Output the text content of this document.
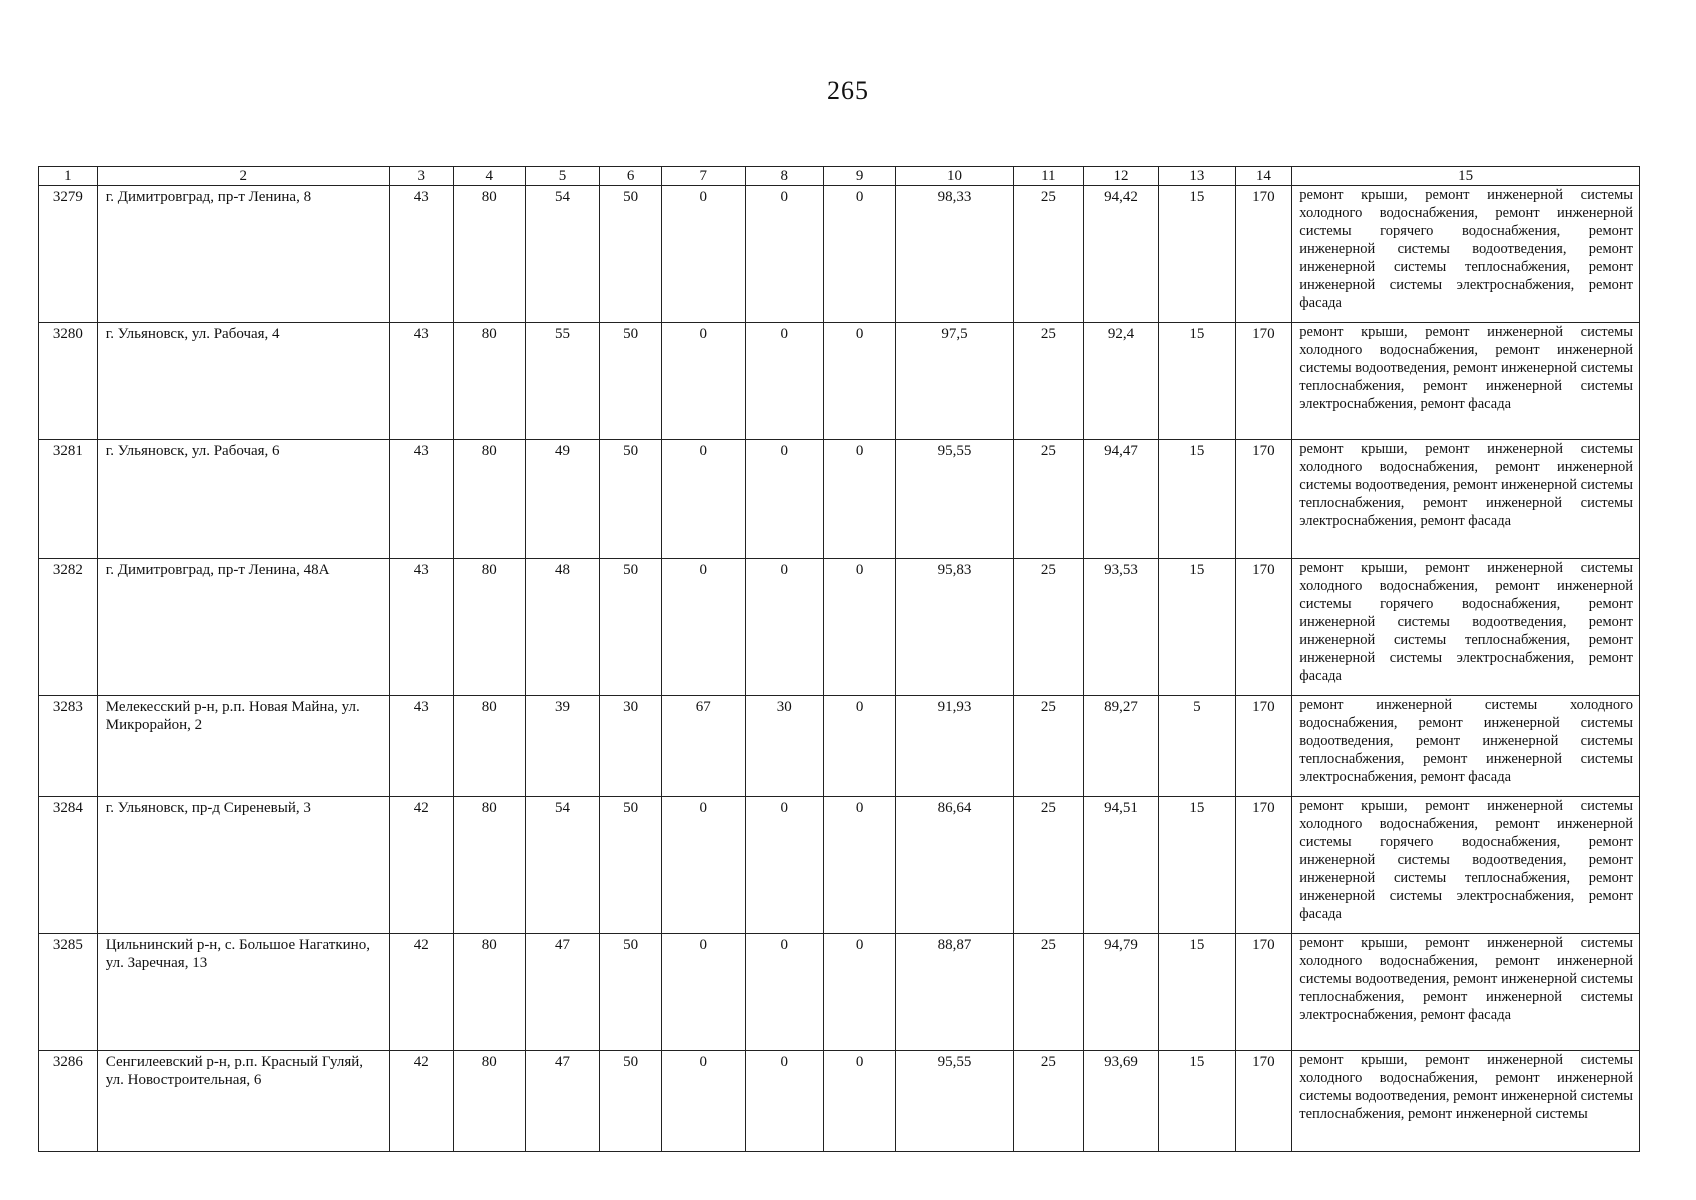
265
1	2	3	4	5	6	7	8	9	10	11	12	13	14	15
3279	г. Димитровград, пр-т Ленина, 8	43	80	54	50	0	0	0	98,33	25	94,42	15	170	ремонт крыши, ремонт инженерной системы холодного водоснабжения, ремонт инженерной системы горячего водоснабжения, ремонт инженерной системы водоотведения, ремонт инженерной системы теплоснабжения, ремонт инженерной системы электроснабжения, ремонт фасада
3280	г. Ульяновск, ул. Рабочая, 4	43	80	55	50	0	0	0	97,5	25	92,4	15	170	ремонт крыши, ремонт инженерной системы холодного водоснабжения, ремонт инженерной системы водоотведения, ремонт инженерной системы теплоснабжения, ремонт инженерной системы электроснабжения, ремонт фасада
3281	г. Ульяновск, ул. Рабочая, 6	43	80	49	50	0	0	0	95,55	25	94,47	15	170	ремонт крыши, ремонт инженерной системы холодного водоснабжения, ремонт инженерной системы водоотведения, ремонт инженерной системы теплоснабжения, ремонт инженерной системы электроснабжения, ремонт фасада
3282	г. Димитровград, пр-т Ленина, 48А	43	80	48	50	0	0	0	95,83	25	93,53	15	170	ремонт крыши, ремонт инженерной системы холодного водоснабжения, ремонт инженерной системы горячего водоснабжения, ремонт инженерной системы водоотведения, ремонт инженерной системы теплоснабжения, ремонт инженерной системы электроснабжения, ремонт фасада
3283	Мелекесский р-н, р.п. Новая Майна, ул. Микрорайон, 2	43	80	39	30	67	30	0	91,93	25	89,27	5	170	ремонт инженерной системы холодного водоснабжения, ремонт инженерной системы водоотведения, ремонт инженерной системы теплоснабжения, ремонт инженерной системы электроснабжения, ремонт фасада
3284	г. Ульяновск, пр-д Сиреневый, 3	42	80	54	50	0	0	0	86,64	25	94,51	15	170	ремонт крыши, ремонт инженерной системы холодного водоснабжения, ремонт инженерной системы горячего водоснабжения, ремонт инженерной системы водоотведения, ремонт инженерной системы теплоснабжения, ремонт инженерной системы электроснабжения, ремонт фасада
3285	Цильнинский р-н, с. Большое Нагаткино, ул. Заречная, 13	42	80	47	50	0	0	0	88,87	25	94,79	15	170	ремонт крыши, ремонт инженерной системы холодного водоснабжения, ремонт инженерной системы водоотведения, ремонт инженерной системы теплоснабжения, ремонт инженерной системы электроснабжения, ремонт фасада
3286	Сенгилеевский р-н, р.п. Красный Гуляй, ул. Новостроительная, 6	42	80	47	50	0	0	0	95,55	25	93,69	15	170	ремонт крыши, ремонт инженерной системы холодного водоснабжения, ремонт инженерной системы водоотведения, ремонт инженерной системы теплоснабжения, ремонт инженерной системы
